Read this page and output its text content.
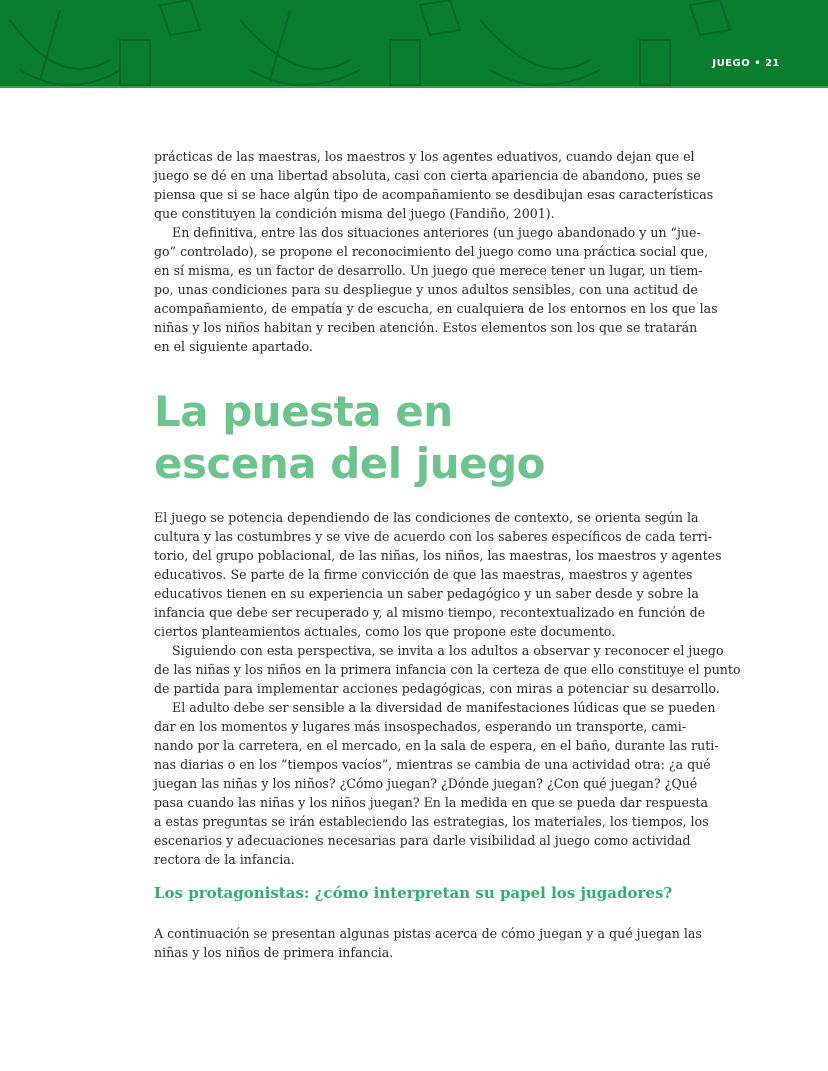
JUEGO • 21
prácticas de las maestras, los maestros y los agentes eduativos, cuando dejan que el
juego se dé en una libertad absoluta, casi con cierta apariencia de abandono, pues se
piensa que si se hace algún tipo de acompañamiento se desdibujan esas características
que constituyen la condición misma del juego (Fandiño, 2001).
En definitiva, entre las dos situaciones anteriores (un juego abandonado y un “jue-
go” controlado), se propone el reconocimiento del juego como una práctica social que,
en sí misma, es un factor de desarrollo. Un juego que merece tener un lugar, un tiem-
po, unas condiciones para su despliegue y unos adultos sensibles, con una actitud de
acompañamiento, de empatía y de escucha, en cualquiera de los entornos en los que las
niñas y los niños habitan y reciben atención. Estos elementos son los que se tratarán
en el siguiente apartado.
La puesta en
escena del juego
El juego se potencia dependiendo de las condiciones de contexto, se orienta según la
cultura y las costumbres y se vive de acuerdo con los saberes específicos de cada terri-
torio, del grupo poblacional, de las niñas, los niños, las maestras, los maestros y agentes
educativos. Se parte de la firme convicción de que las maestras, maestros y agentes
educativos tienen en su experiencia un saber pedagógico y un saber desde y sobre la
infancia que debe ser recuperado y, al mismo tiempo, recontextualizado en función de
ciertos planteamientos actuales, como los que propone este documento.
Siguiendo con esta perspectiva, se invita a los adultos a observar y reconocer el juego
de las niñas y los niños en la primera infancia con la certeza de que ello constituye el punto
de partida para implementar acciones pedagógicas, con miras a potenciar su desarrollo.
El adulto debe ser sensible a la diversidad de manifestaciones lúdicas que se pueden
dar en los momentos y lugares más insospechados, esperando un transporte, cami-
nando por la carretera, en el mercado, en la sala de espera, en el baño, durante las ruti-
nas diarias o en los “tiempos vacíos”, mientras se cambia de una actividad otra: ¿a qué
juegan las niñas y los niños? ¿Cómo juegan? ¿Dónde juegan? ¿Con qué juegan? ¿Qué
pasa cuando las niñas y los niños juegan? En la medida en que se pueda dar respuesta
a estas preguntas se irán estableciendo las estrategias, los materiales, los tiempos, los
escenarios y adecuaciones necesarias para darle visibilidad al juego como actividad
rectora de la infancia.
Los protagonistas: ¿cómo interpretan su papel los jugadores?
A continuación se presentan algunas pistas acerca de cómo juegan y a qué juegan las
niñas y los niños de primera infancia.
